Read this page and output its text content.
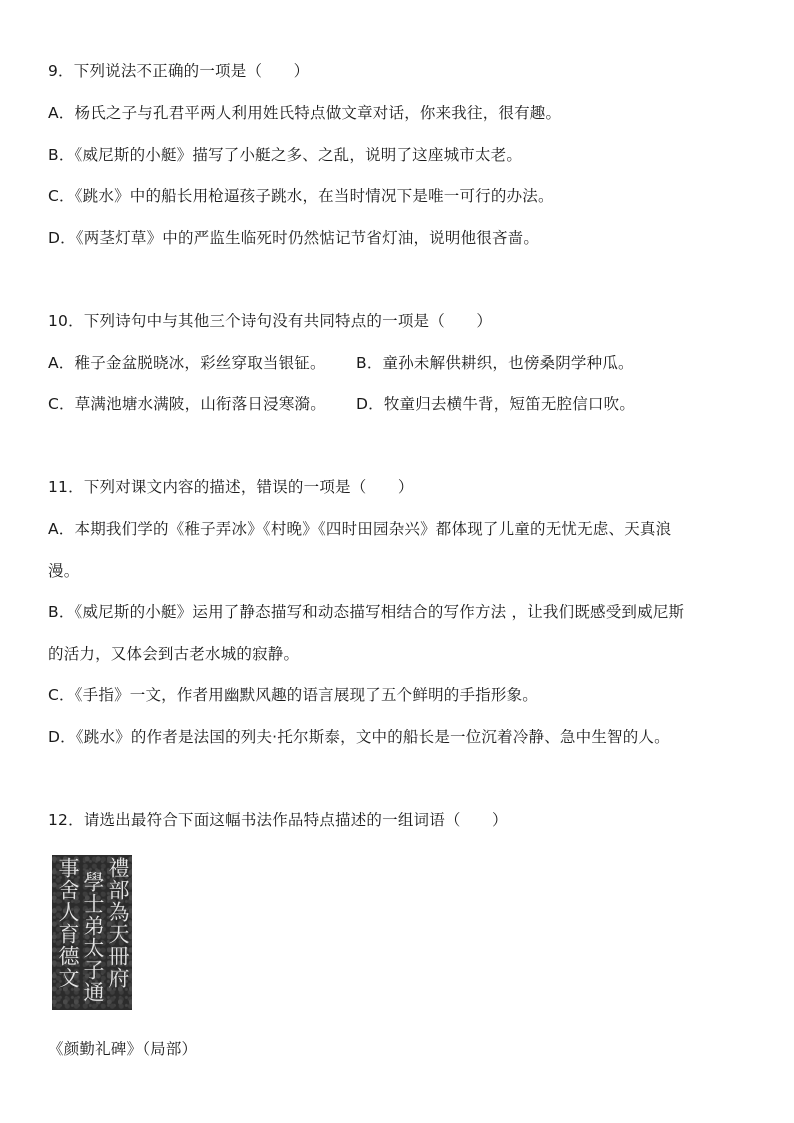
9．下列说法不正确的一项是（　　）
A．杨氏之子与孔君平两人利用姓氏特点做文章对话，你来我往，很有趣。
B．《威尼斯的小艇》描写了小艇之多、之乱，说明了这座城市太老。
C．《跳水》中的船长用枪逼孩子跳水，在当时情况下是唯一可行的办法。
D．《两茎灯草》中的严监生临死时仍然惦记节省灯油，说明他很吝啬。
10．下列诗句中与其他三个诗句没有共同特点的一项是（　　）
A．稚子金盆脱晓冰，彩丝穿取当银钲。 B．童孙未解供耕织，也傍桑阴学种瓜。
C．草满池塘水满陂，山衔落日浸寒漪。 D．牧童归去横牛背，短笛无腔信口吹。
11．下列对课文内容的描述，错误的一项是（　　）
A．本期我们学的《稚子弄冰》《村晚》《四时田园杂兴》都体现了儿童的无忧无虑、天真浪
漫。
B．《威尼斯的小艇》运用了静态描写和动态描写相结合的写作方法 ，让我们既感受到威尼斯
的活力，又体会到古老水城的寂静。
C．《手指》一文，作者用幽默风趣的语言展现了五个鲜明的手指形象。
D．《跳水》的作者是法国的列夫·托尔斯泰，文中的船长是一位沉着冷静、急中生智的人。
12．请选出最符合下面这幅书法作品特点描述的一组词语（　　）
禮部為天冊府
學士弟太子通
事舍人育德文
《颜勤礼碑》（局部）
